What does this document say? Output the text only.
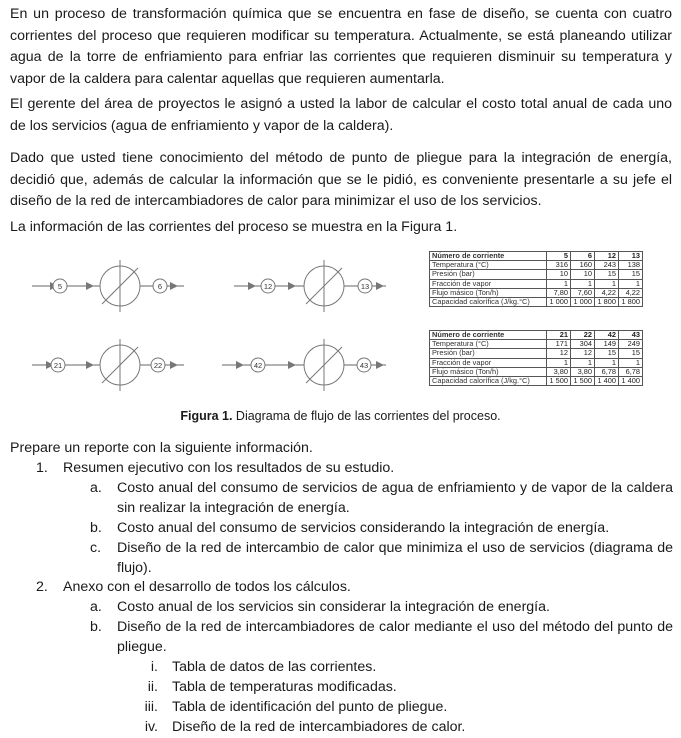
En un proceso de transformación química que se encuentra en fase de diseño, se cuenta con cuatro corrientes del proceso que requieren modificar su temperatura. Actualmente, se está planeando utilizar agua de la torre de enfriamiento para enfriar las corrientes que requieren disminuir su temperatura y vapor de la caldera para calentar aquellas que requieren aumentarla.

El gerente del área de proyectos le asignó a usted la labor de calcular el costo total anual de cada uno de los servicios (agua de enfriamiento y vapor de la caldera).

Dado que usted tiene conocimiento del método de punto de pliegue para la integración de energía, decidió que, además de calcular la información que se le pidió, es conveniente presentarle a su jefe el diseño de la red de intercambiadores de calor para minimizar el uso de los servicios.

La información de las corrientes del proceso se muestra en la Figura 1.

5	6	12	13
21	22	42	43
Número de corriente	5	6	12	13
Temperatura (°C)	316	160	243	138
Presión (bar)	10	10	15	15
Fracción de vapor	1	1	1	1
Flujo másico (Ton/h)	7,80	7,60	4,22	4,22
Capacidad calorífica (J/kg.°C)	1 000	1 000	1 800	1 800
Número de corriente	21	22	42	43
Temperatura (°C)	171	304	149	249
Presión (bar)	12	12	15	15
Fracción de vapor	1	1	1	1
Flujo másico (Ton/h)	3,80	3,80	6,78	6,78
Capacidad calorífica (J/kg.°C)	1 500	1 500	1 400	1 400
Figura 1. Diagrama de flujo de las corrientes del proceso.

Prepare un reporte con la siguiente información.

1. Resumen ejecutivo con los resultados de su estudio.
a. Costo anual del consumo de servicios de agua de enfriamiento y de vapor de la caldera sin realizar la integración de energía.
b. Costo anual del consumo de servicios considerando la integración de energía.
c. Diseño de la red de intercambio de calor que minimiza el uso de servicios (diagrama de flujo).
2. Anexo con el desarrollo de todos los cálculos.
a. Costo anual de los servicios sin considerar la integración de energía.
b. Diseño de la red de intercambiadores de calor mediante el uso del método del punto de pliegue.
i. Tabla de datos de las corrientes.
ii. Tabla de temperaturas modificadas.
iii. Tabla de identificación del punto de pliegue.
iv. Diseño de la red de intercambiadores de calor.
